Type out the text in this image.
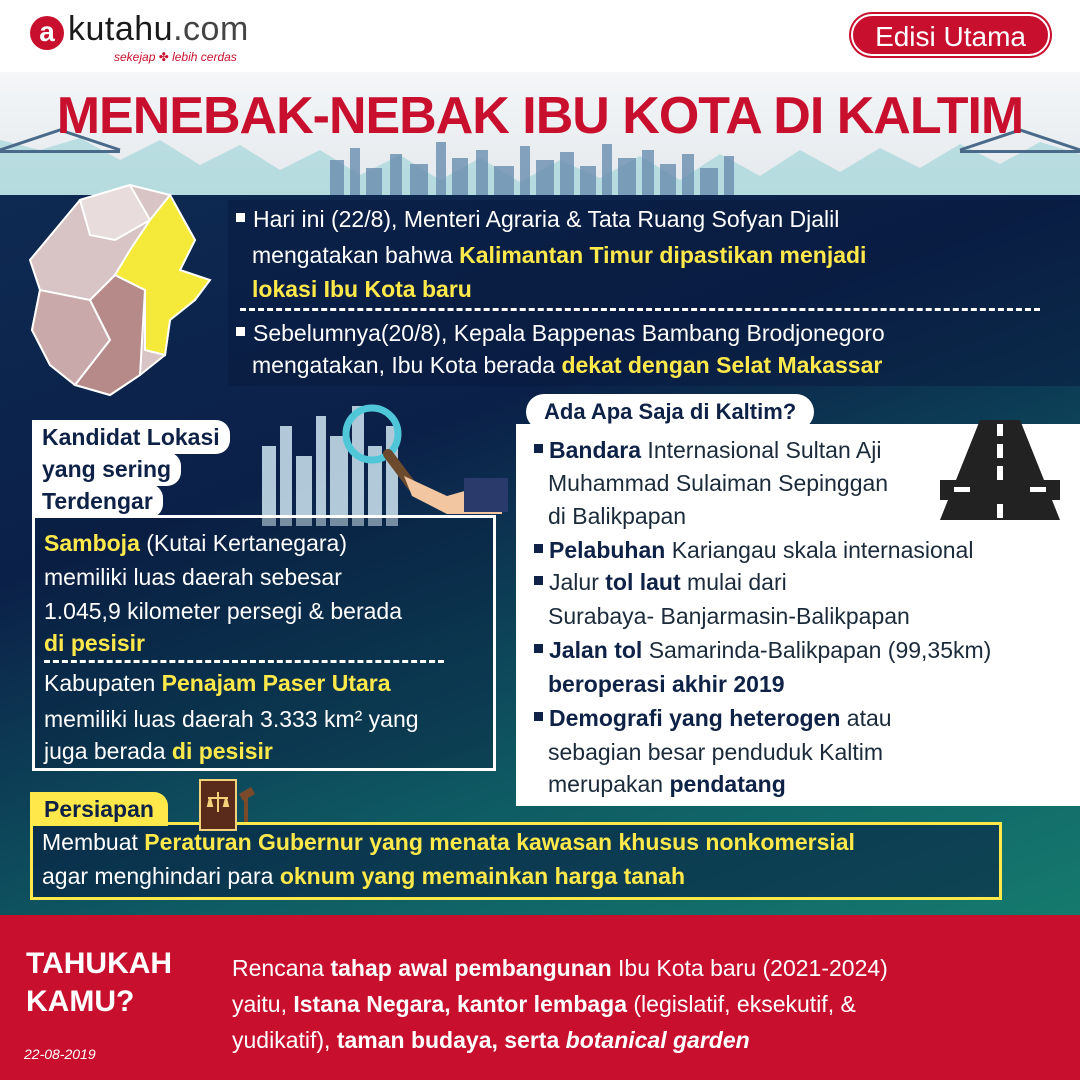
a kutahu.com
sekejap ✤ lebih cerdas
Edisi Utama
MENEBAK-NEBAK IBU KOTA DI KALTIM
Hari ini (22/8), Menteri Agraria & Tata Ruang Sofyan Djalil
mengatakan bahwa Kalimantan Timur dipastikan menjadi
lokasi Ibu Kota baru
Sebelumnya(20/8), Kepala Bappenas Bambang Brodjonegoro
mengatakan, Ibu Kota berada dekat dengan Selat Makassar
Kandidat Lokasi
yang sering
Terdengar
Samboja (Kutai Kertanegara)
memiliki luas daerah sebesar
1.045,9 kilometer persegi & berada
di pesisir
Kabupaten Penajam Paser Utara
memiliki luas daerah 3.333 km² yang
juga berada di pesisir
Ada Apa Saja di Kaltim?
Bandara Internasional Sultan Aji
Muhammad Sulaiman Sepinggan
di Balikpapan
Pelabuhan Kariangau skala internasional
Jalur tol laut mulai dari
Surabaya- Banjarmasin-Balikpapan
Jalan tol Samarinda-Balikpapan (99,35km)
beroperasi akhir 2019
Demografi yang heterogen atau
sebagian besar penduduk Kaltim
merupakan pendatang
Persiapan
Membuat Peraturan Gubernur yang menata kawasan khusus nonkomersial
agar menghindari para oknum yang memainkan harga tanah
TAHUKAH
KAMU?
22-08-2019
Rencana tahap awal pembangunan Ibu Kota baru (2021-2024)
yaitu, Istana Negara, kantor lembaga (legislatif, eksekutif, &
yudikatif), taman budaya, serta botanical garden
